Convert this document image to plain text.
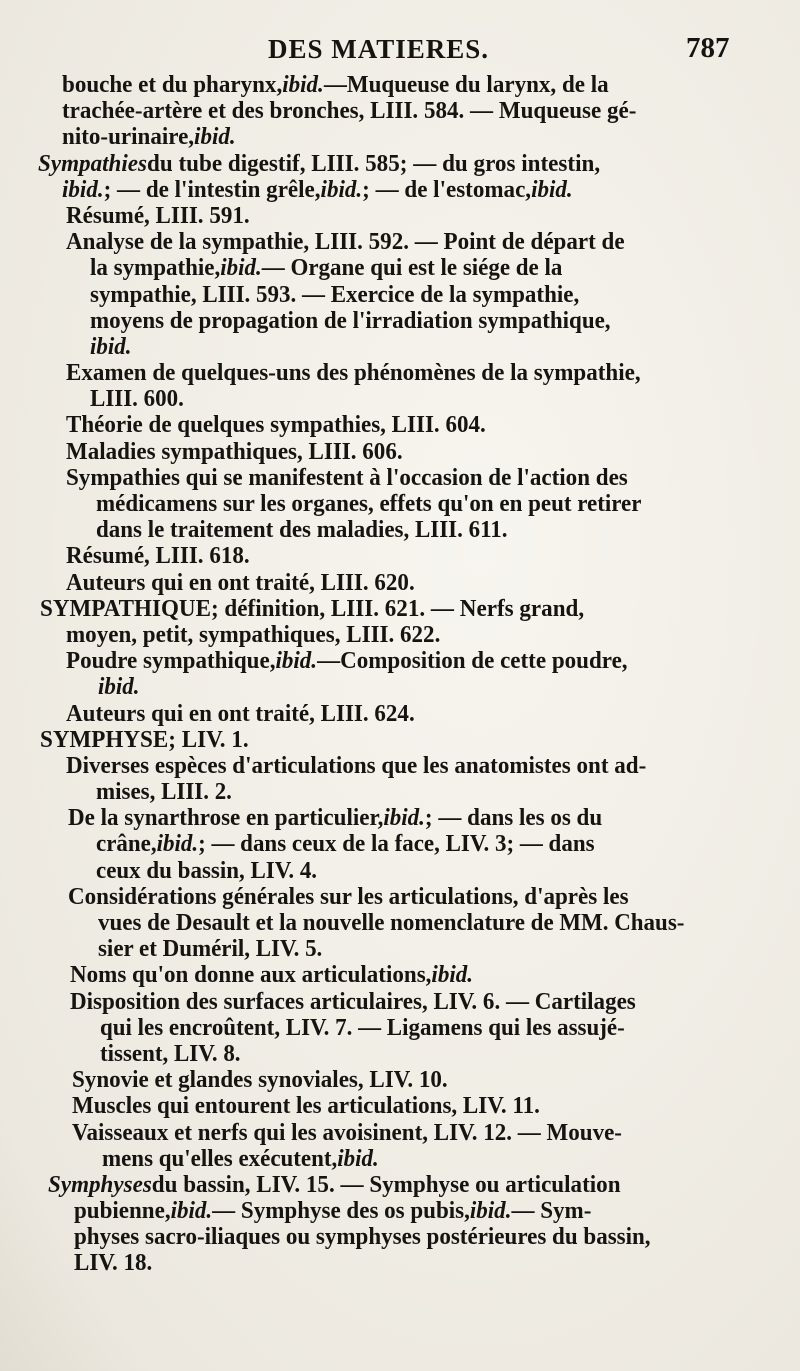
DES MATIERES.	787
bouche et du pharynx,ibid.—Muqueuse du larynx, de la
trachée-artère et des bronches, LIII. 584. — Muqueuse gé-
nito-urinaire,ibid.
Sympathiesdu tube digestif, LIII. 585; — du gros intestin,
ibid.; — de l'intestin grêle,ibid.; — de l'estomac,ibid.
Résumé, LIII. 591.
Analyse de la sympathie, LIII. 592. — Point de départ de
la sympathie,ibid.— Organe qui est le siége de la
sympathie, LIII. 593. — Exercice de la sympathie,
moyens de propagation de l'irradiation sympathique,
ibid.
Examen de quelques-uns des phénomènes de la sympathie,
LIII. 600.
Théorie de quelques sympathies, LIII. 604.
Maladies sympathiques, LIII. 606.
Sympathies qui se manifestent à l'occasion de l'action des
médicamens sur les organes, effets qu'on en peut retirer
dans le traitement des maladies, LIII. 611.
Résumé, LIII. 618.
Auteurs qui en ont traité, LIII. 620.
SYMPATHIQUE; définition, LIII. 621. — Nerfs grand,
moyen, petit, sympathiques, LIII. 622.
Poudre sympathique,ibid.—Composition de cette poudre,
ibid.
Auteurs qui en ont traité, LIII. 624.
SYMPHYSE; LIV. 1.
Diverses espèces d'articulations que les anatomistes ont ad-
mises, LIII. 2.
De la synarthrose en particulier,ibid.; — dans les os du
crâne,ibid.; — dans ceux de la face, LIV. 3; — dans
ceux du bassin, LIV. 4.
Considérations générales sur les articulations, d'après les
vues de Desault et la nouvelle nomenclature de MM. Chaus-
sier et Duméril, LIV. 5.
Noms qu'on donne aux articulations,ibid.
Disposition des surfaces articulaires, LIV. 6. — Cartilages
qui les encroûtent, LIV. 7. — Ligamens qui les assujé-
tissent, LIV. 8.
Synovie et glandes synoviales, LIV. 10.
Muscles qui entourent les articulations, LIV. 11.
Vaisseaux et nerfs qui les avoisinent, LIV. 12. — Mouve-
mens qu'elles exécutent,ibid.
Symphysesdu bassin, LIV. 15. — Symphyse ou articulation
pubienne,ibid.— Symphyse des os pubis,ibid.— Sym-
physes sacro-iliaques ou symphyses postérieures du bassin,
LIV. 18.
